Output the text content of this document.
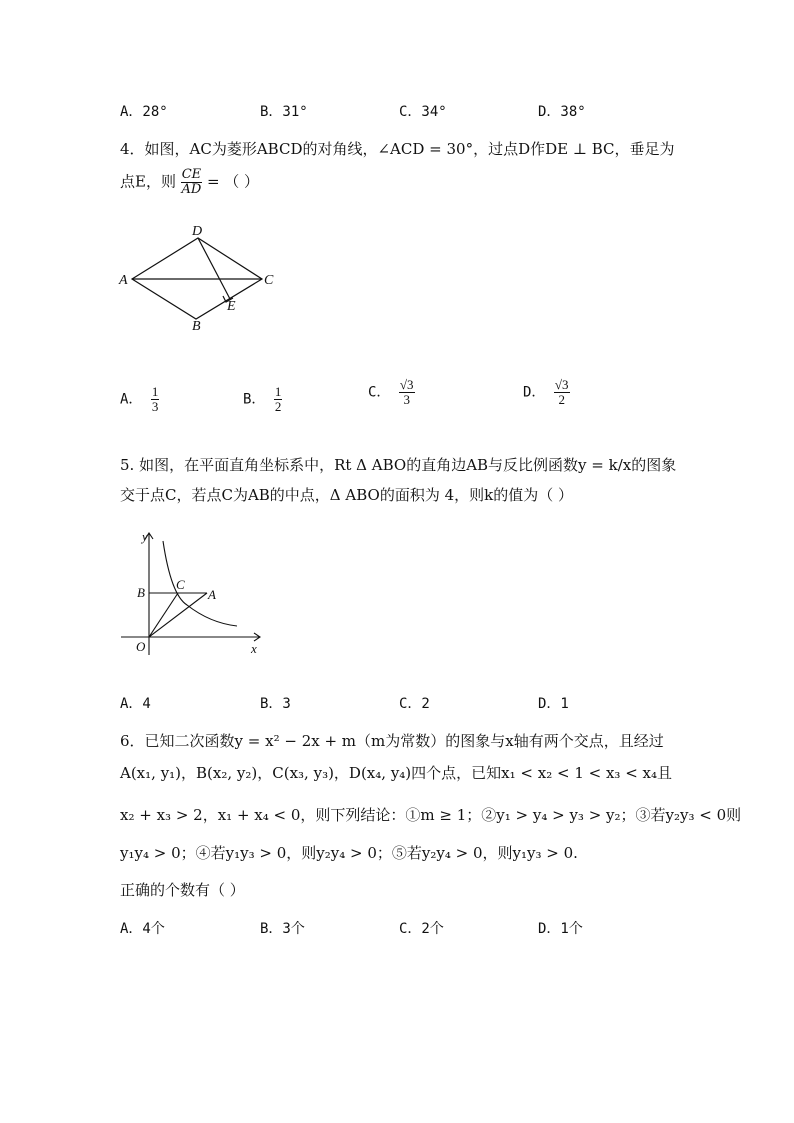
A．28°	B．31°	C．34°	D．38°
4．如图，AC为菱形ABCD的对角线，∠ACD = 30°，过点D作DE ⊥ BC，垂足为
点E，则 $\frac{CE}{AD}$ = （ ）
D
A	C
E
B
A． $\frac{1}{3}$	B． $\frac{1}{2}$	C． $\frac{√3}{3}$	D． $\frac{√3}{2}$
5. 如图，在平面直角坐标系中，Rt Δ ABO的直角边AB与反比例函数y = k/x的图象
交于点C，若点C为AB的中点，Δ ABO的面积为 4，则k的值为（ ）
y
B
C
A
O	x
A．4	B．3	C．2	D．1
6．已知二次函数y = x² − 2x + m（m为常数）的图象与x轴有两个交点，且经过
A(x₁, y₁)，B(x₂, y₂)，C(x₃, y₃)，D(x₄, y₄)四个点，已知x₁ < x₂ < 1 < x₃ < x₄且
x₂ + x₃ > 2，x₁ + x₄ < 0，则下列结论：①m ≥ 1；②y₁ > y₄ > y₃ > y₂；③若y₂y₃ < 0则
y₁y₄ > 0；④若y₁y₃ > 0，则y₂y₄ > 0；⑤若y₂y₄ > 0，则y₁y₃ > 0.
正确的个数有（ ）
A．4个	B．3个	C．2个	D．1个
